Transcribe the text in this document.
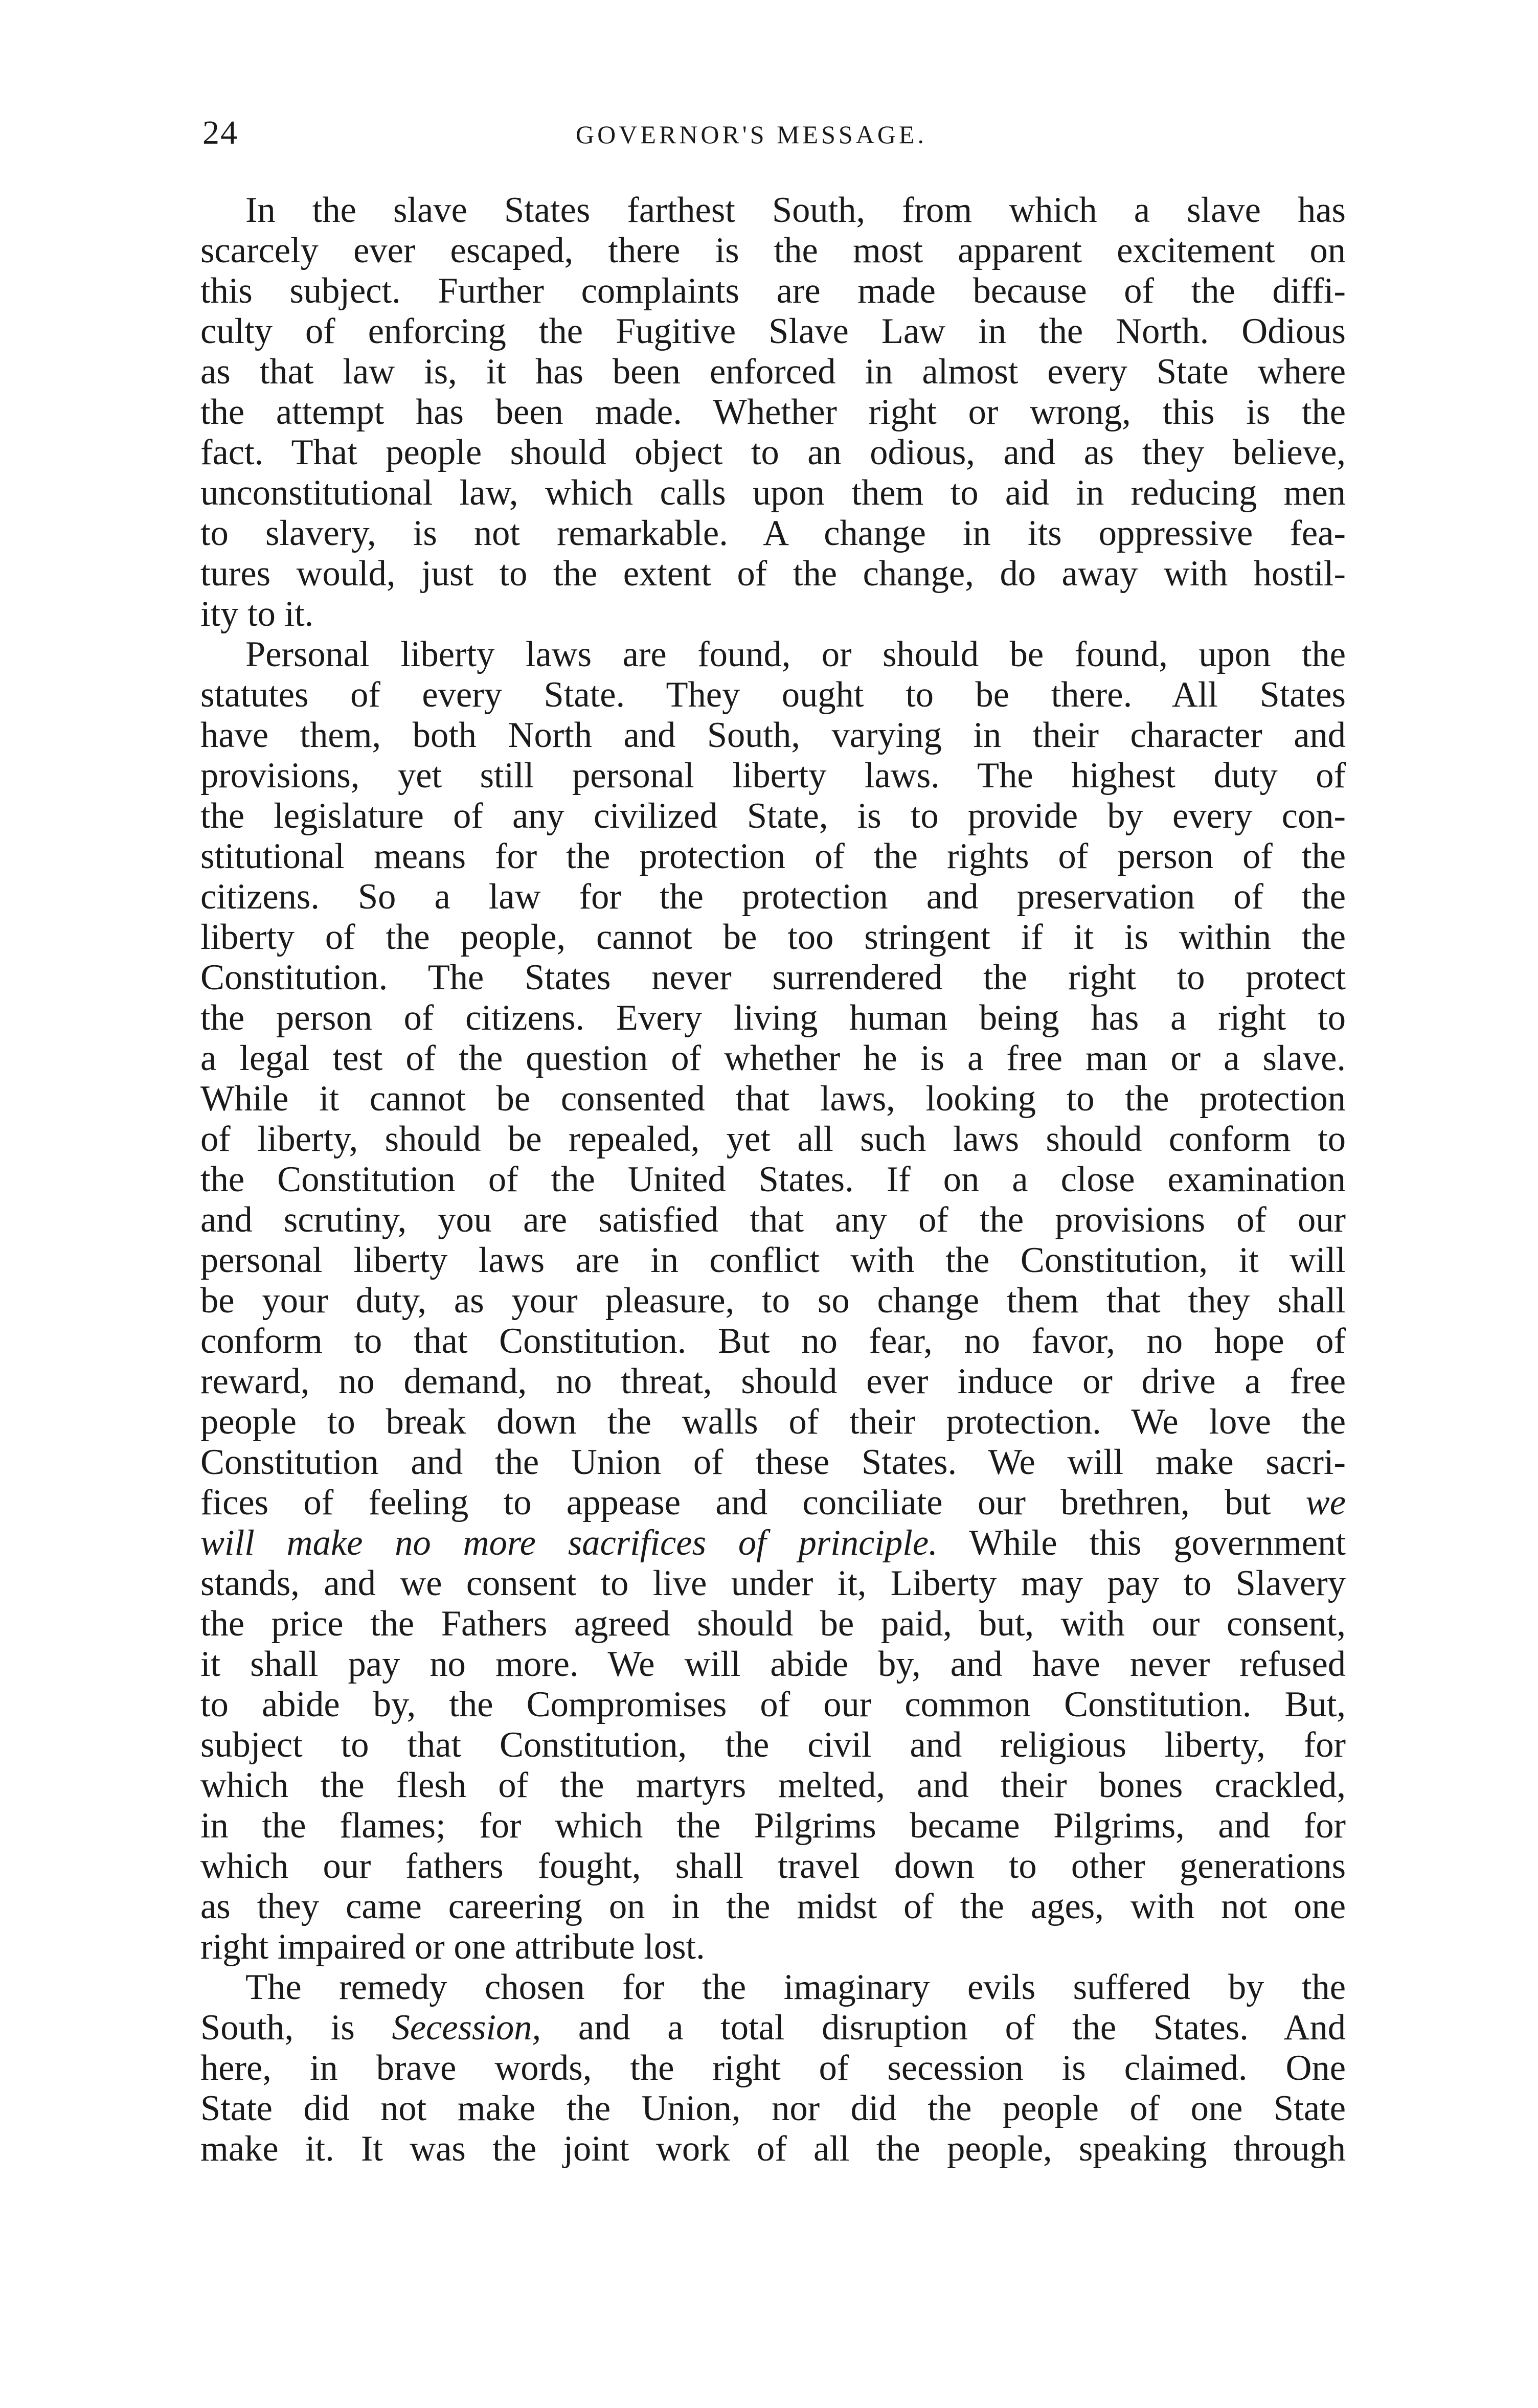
24	GOVERNOR'S MESSAGE.
In the slave States farthest South, from which a slave has
scarcely ever escaped, there is the most apparent excitement on
this subject. Further complaints are made because of the diffi-
culty of enforcing the Fugitive Slave Law in the North. Odious
as that law is, it has been enforced in almost every State where
the attempt has been made. Whether right or wrong, this is the
fact. That people should object to an odious, and as they believe,
unconstitutional law, which calls upon them to aid in reducing men
to slavery, is not remarkable. A change in its oppressive fea-
tures would, just to the extent of the change, do away with hostil-
ity to it.
Personal liberty laws are found, or should be found, upon the
statutes of every State. They ought to be there. All States
have them, both North and South, varying in their character and
provisions, yet still personal liberty laws. The highest duty of
the legislature of any civilized State, is to provide by every con-
stitutional means for the protection of the rights of person of the
citizens. So a law for the protection and preservation of the
liberty of the people, cannot be too stringent if it is within the
Constitution. The States never surrendered the right to protect
the person of citizens. Every living human being has a right to
a legal test of the question of whether he is a free man or a slave.
While it cannot be consented that laws, looking to the protection
of liberty, should be repealed, yet all such laws should conform to
the Constitution of the United States. If on a close examination
and scrutiny, you are satisfied that any of the provisions of our
personal liberty laws are in conflict with the Constitution, it will
be your duty, as your pleasure, to so change them that they shall
conform to that Constitution. But no fear, no favor, no hope of
reward, no demand, no threat, should ever induce or drive a free
people to break down the walls of their protection. We love the
Constitution and the Union of these States. We will make sacri-
fices of feeling to appease and conciliate our brethren, but we
will make no more sacrifices of principle. While this government
stands, and we consent to live under it, Liberty may pay to Slavery
the price the Fathers agreed should be paid, but, with our consent,
it shall pay no more. We will abide by, and have never refused
to abide by, the Compromises of our common Constitution. But,
subject to that Constitution, the civil and religious liberty, for
which the flesh of the martyrs melted, and their bones crackled,
in the flames; for which the Pilgrims became Pilgrims, and for
which our fathers fought, shall travel down to other generations
as they came careering on in the midst of the ages, with not one
right impaired or one attribute lost.
The remedy chosen for the imaginary evils suffered by the
South, is Secession, and a total disruption of the States. And
here, in brave words, the right of secession is claimed. One
State did not make the Union, nor did the people of one State
make it. It was the joint work of all the people, speaking through
